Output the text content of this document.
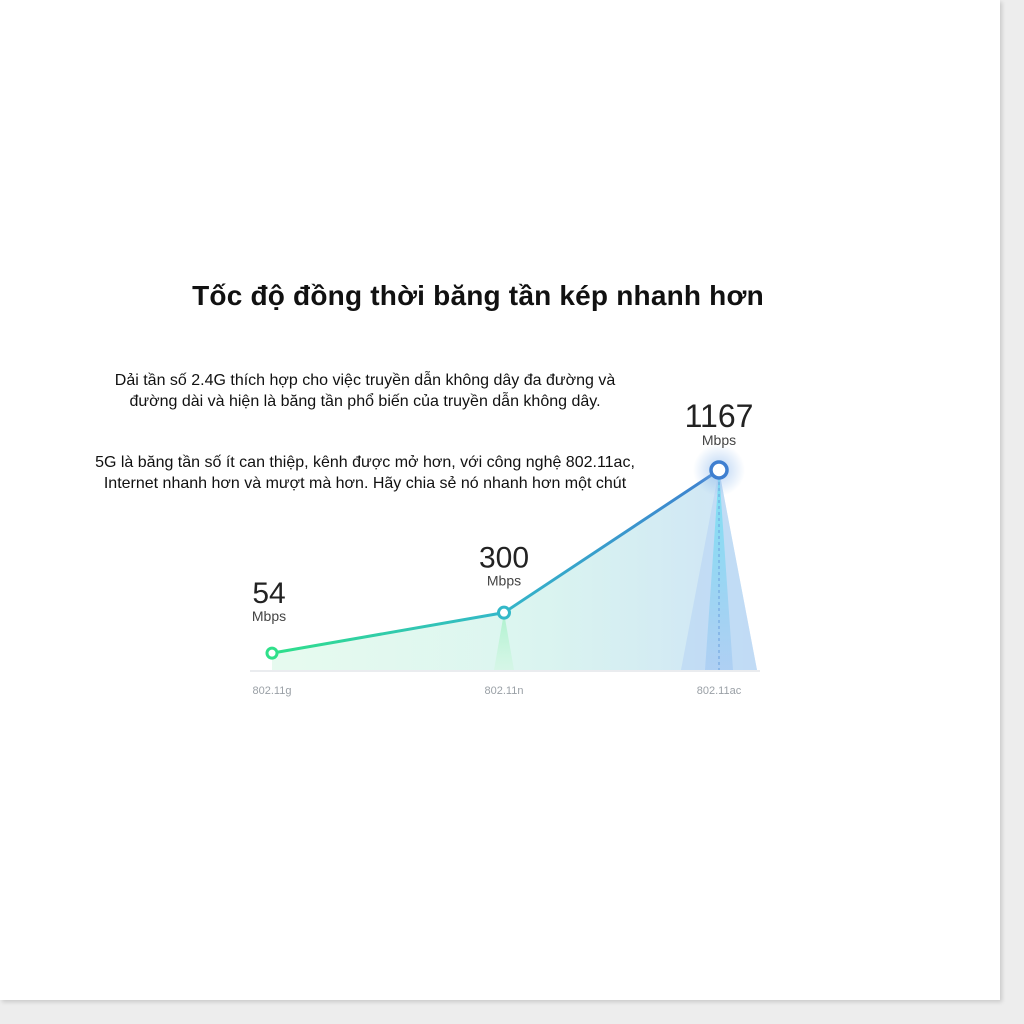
Tốc độ đồng thời băng tần kép nhanh hơn
Dải tần số 2.4G thích hợp cho việc truyền dẫn không dây đa đường và
đường dài và hiện là băng tần phổ biến của truyền dẫn không dây.
5G là băng tần số ít can thiệp, kênh được mở hơn, với công nghệ 802.11ac,
Internet nhanh hơn và mượt mà hơn. Hãy chia sẻ nó nhanh hơn một chút
54
Mbps
300
Mbps
1167
Mbps
802.11g	802.11n	802.11ac
